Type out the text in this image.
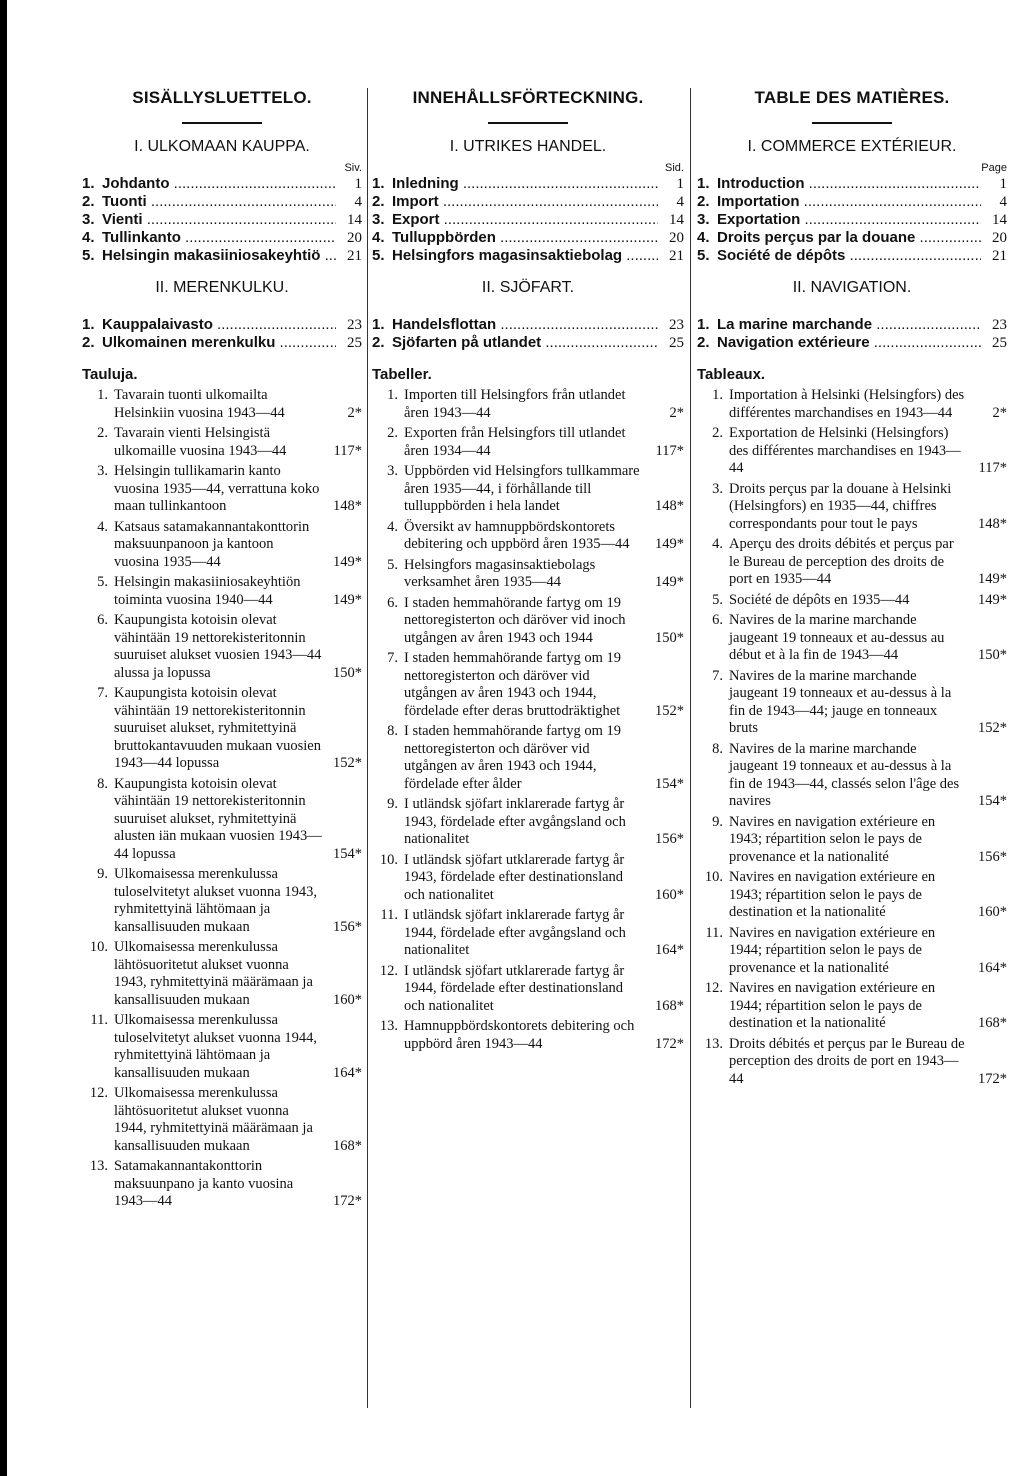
SISÄLLYSLUETTELO.
I. ULKOMAAN KAUPPA.
Siv.
1. Johdanto .....	1
2. Tuonti .....	4
3. Vienti .....	14
4. Tullinkanto .....	20
5. Helsingin makasiiniosakeyhtiö .....	21
II. MERENKULKU.
1. Kauppalaivasto .....	23
2. Ulkomainen merenkulku .....	25
Tauluja.
1. Tavarain tuonti ulkomailta Helsinkiin vuosina 1943—44	2*
2. Tavarain vienti Helsingistä ulkomaille vuosina 1943—44	117*
3. Helsingin tullikamarin kanto vuosina 1935—44, verrattuna koko maan tullinkantoon	148*
4. Katsaus satamakannantakonttorin maksuunpanoon ja kantoon vuosina 1935—44	149*
5. Helsingin makasiiniosakeyhtiön toiminta vuosina 1940—44	149*
6. Kaupungista kotoisin olevat vähintään 19 nettorekisteritonnin suuruiset alukset vuosien 1943—44 alussa ja lopussa	150*
7. Kaupungista kotoisin olevat vähintään 19 nettorekisteritonnin suuruiset alukset, ryhmitettyinä bruttokantavuuden mukaan vuosien 1943—44 lopussa	152*
8. Kaupungista kotoisin olevat vähintään 19 nettorekisteritonnin suuruiset alukset, ryhmitettyinä alusten iän mukaan vuosien 1943—44 lopussa	154*
9. Ulkomaisessa merenkulussa tuloselvitetyt alukset vuonna 1943, ryhmitettyinä lähtömaan ja kansallisuuden mukaan	156*
10. Ulkomaisessa merenkulussa lähtösuoritetut alukset vuonna 1943, ryhmitettyinä määrämaan ja kansallisuuden mukaan	160*
11. Ulkomaisessa merenkulussa tuloselvitetyt alukset vuonna 1944, ryhmitettyinä lähtömaan ja kansallisuuden mukaan	164*
12. Ulkomaisessa merenkulussa lähtösuoritetut alukset vuonna 1944, ryhmitettyinä määrämaan ja kansallisuuden mukaan	168*
13. Satamakannantakonttorin maksuunpano ja kanto vuosina 1943—44	172*
INNEHÅLLSFÖRTECKNING.
I. UTRIKES HANDEL.
Sid.
1. Inledning .....	1
2. Import .....	4
3. Export .....	14
4. Tulluppbörden .....	20
5. Helsingfors magasinsaktiebolag .....	21
II. SJÖFART.
1. Handelsflottan .....	23
2. Sjöfarten på utlandet .....	25
Tabeller.
1. Importen till Helsingfors från utlandet åren 1943—44	2*
2. Exporten från Helsingfors till utlandet åren 1934—44	117*
3. Uppbörden vid Helsingfors tullkammare åren 1935—44, i förhållande till tulluppbörden i hela landet	148*
4. Översikt av hamnuppbördskontorets debitering och uppbörd åren 1935—44	149*
5. Helsingfors magasinsaktiebolags verksamhet åren 1935—44	149*
6. I staden hemmahörande fartyg om 19 nettoregisterton och däröver vid inoch utgången av åren 1943 och 1944	150*
7. I staden hemmahörande fartyg om 19 nettoregisterton och däröver vid utgången av åren 1943 och 1944, fördelade efter deras bruttodräktighet	152*
8. I staden hemmahörande fartyg om 19 nettoregisterton och däröver vid utgången av åren 1943 och 1944, fördelade efter ålder	154*
9. I utländsk sjöfart inklarerade fartyg år 1943, fördelade efter avgångsland och nationalitet	156*
10. I utländsk sjöfart utklarerade fartyg år 1943, fördelade efter destinationsland och nationalitet	160*
11. I utländsk sjöfart inklarerade fartyg år 1944, fördelade efter avgångsland och nationalitet	164*
12. I utländsk sjöfart utklarerade fartyg år 1944, fördelade efter destinationsland och nationalitet	168*
13. Hamnuppbördskontorets debitering och uppbörd åren 1943—44	172*
TABLE DES MATIÈRES.
I. COMMERCE EXTÉRIEUR.
Page
1. Introduction .....	1
2. Importation .....	4
3. Exportation .....	14
4. Droits perçus par la douane .....	20
5. Société de dépôts .....	21
II. NAVIGATION.
1. La marine marchande .....	23
2. Navigation extérieure .....	25
Tableaux.
1. Importation à Helsinki (Helsingfors) des différentes marchandises en 1943—44	2*
2. Exportation de Helsinki (Helsingfors) des différentes marchandises en 1943—44	117*
3. Droits perçus par la douane à Helsinki (Helsingfors) en 1935—44, chiffres correspondants pour tout le pays	148*
4. Aperçu des droits débités et perçus par le Bureau de perception des droits de port en 1935—44	149*
5. Société de dépôts en 1935—44	149*
6. Navires de la marine marchande jaugeant 19 tonneaux et au-dessus au début et à la fin de 1943—44	150*
7. Navires de la marine marchande jaugeant 19 tonneaux et au-dessus à la fin de 1943—44; jauge en tonneaux bruts	152*
8. Navires de la marine marchande jaugeant 19 tonneaux et au-dessus à la fin de 1943—44, classés selon l'âge des navires	154*
9. Navires en navigation extérieure en 1943; répartition selon le pays de provenance et la nationalité	156*
10. Navires en navigation extérieure en 1943; répartition selon le pays de destination et la nationalité	160*
11. Navires en navigation extérieure en 1944; répartition selon le pays de provenance et la nationalité	164*
12. Navires en navigation extérieure en 1944; répartition selon le pays de destination et la nationalité	168*
13. Droits débités et perçus par le Bureau de perception des droits de port en 1943—44	172*
